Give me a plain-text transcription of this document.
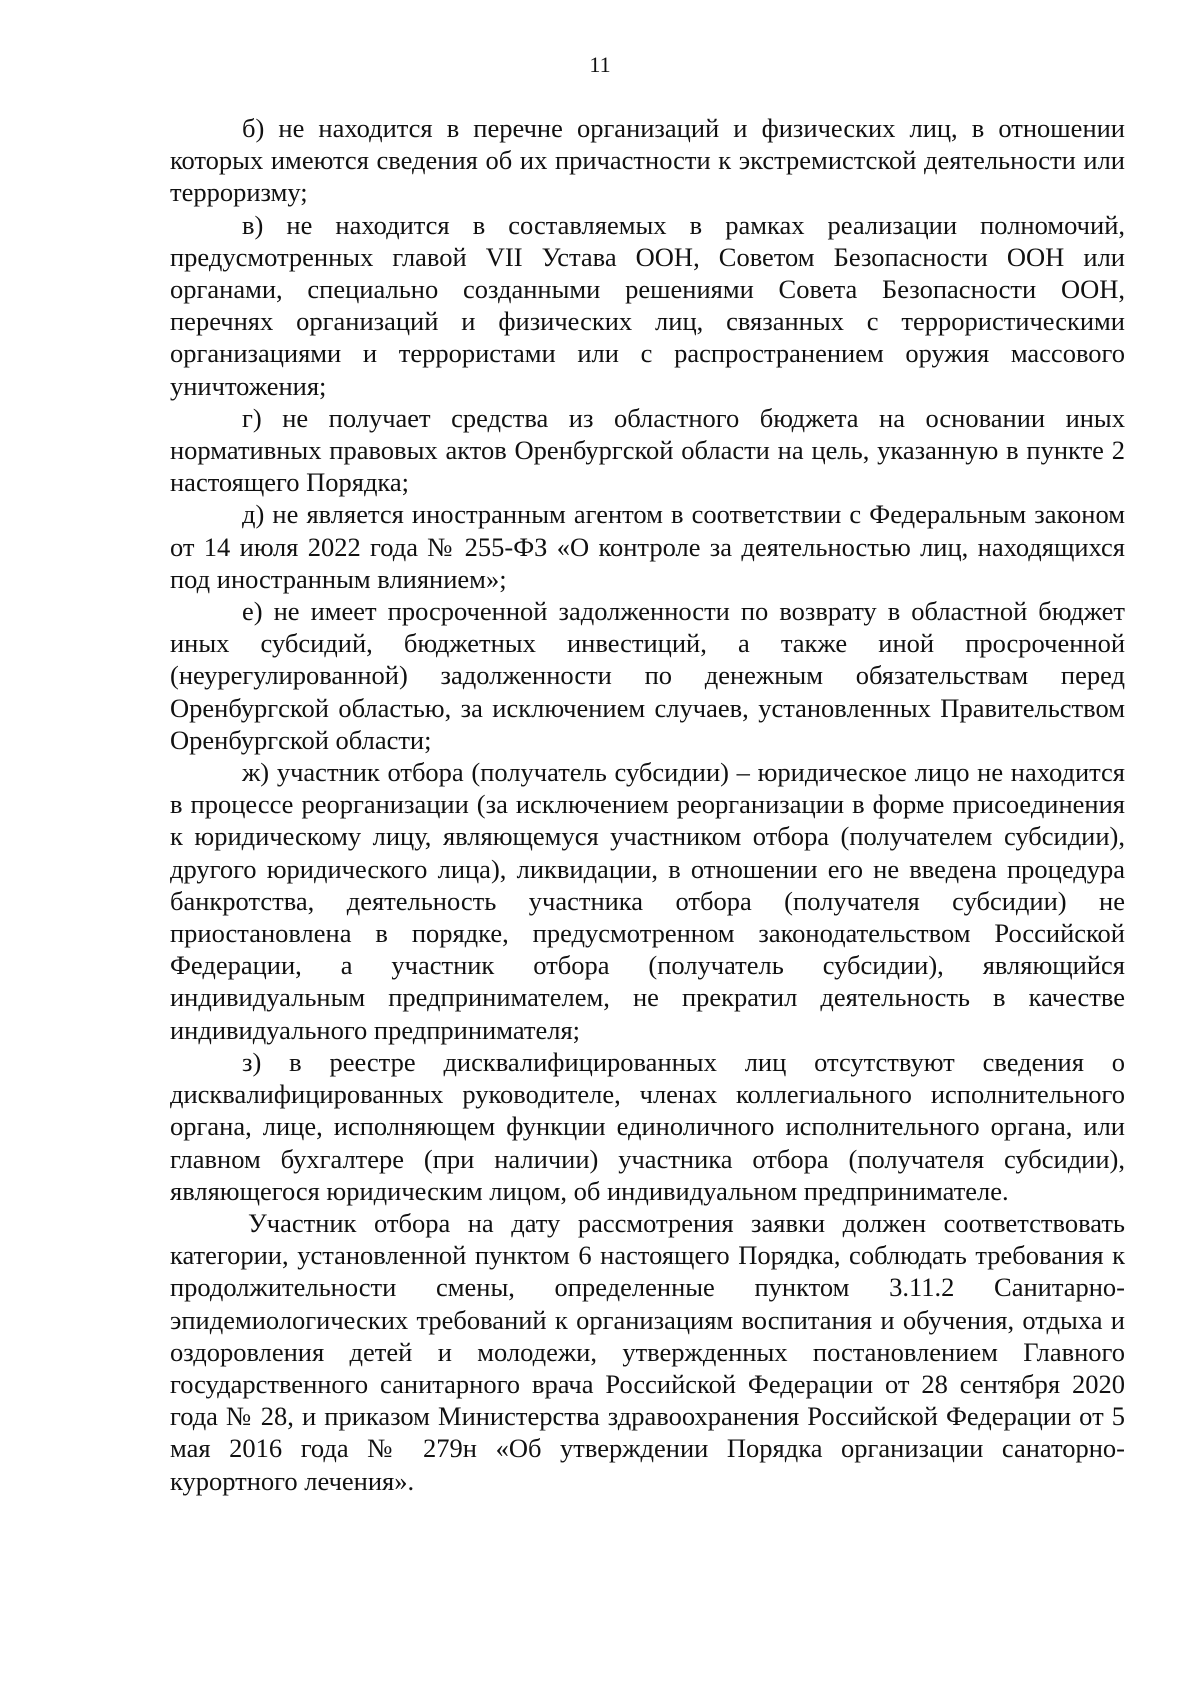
11

б) не находится в перечне организаций и физических лиц, в отношении которых имеются сведения об их причастности к экстремистской деятельности или терроризму;

в) не находится в составляемых в рамках реализации полномочий, предусмотренных главой VII Устава ООН, Советом Безопасности ООН или органами, специально созданными решениями Совета Безопасности ООН, перечнях организаций и физических лиц, связанных с террористическими организациями и террористами или с распространением оружия массового уничтожения;

г) не получает средства из областного бюджета на основании иных нормативных правовых актов Оренбургской области на цель, указанную в пункте 2 настоящего Порядка;

д) не является иностранным агентом в соответствии с Федеральным законом от 14 июля 2022 года № 255-ФЗ «О контроле за деятельностью лиц, находящихся под иностранным влиянием»;

е) не имеет просроченной задолженности по возврату в областной бюджет иных субсидий, бюджетных инвестиций, а также иной просроченной (неурегулированной) задолженности по денежным обязательствам перед Оренбургской областью, за исключением случаев, установленных Правительством Оренбургской области;

ж) участник отбора (получатель субсидии) – юридическое лицо не находится в процессе реорганизации (за исключением реорганизации в форме присоединения к юридическому лицу, являющемуся участником отбора (получателем субсидии), другого юридического лица), ликвидации, в отношении его не введена процедура банкротства, деятельность участника отбора (получателя субсидии) не приостановлена в порядке, предусмотренном законодательством Российской Федерации, а участник отбора (получатель субсидии), являющийся индивидуальным предпринимателем, не прекратил деятельность в качестве индивидуального предпринимателя;

з) в реестре дисквалифицированных лиц отсутствуют сведения о дисквалифицированных руководителе, членах коллегиального исполнительного органа, лице, исполняющем функции единоличного исполнительного органа, или главном бухгалтере (при наличии) участника отбора (получателя субсидии), являющегося юридическим лицом, об индивидуальном предпринимателе.

Участник отбора на дату рассмотрения заявки должен соответствовать категории, установленной пунктом 6 настоящего Порядка, соблюдать требования к продолжительности смены, определенные пунктом 3.11.2 Санитарно-эпидемиологических требований к организациям воспитания и обучения, отдыха и оздоровления детей и молодежи, утвержденных постановлением Главного государственного санитарного врача Российской Федерации от 28 сентября 2020 года № 28, и приказом Министерства здравоохранения Российской Федерации от 5 мая 2016 года № 279н «Об утверждении Порядка организации санаторно-курортного лечения».
